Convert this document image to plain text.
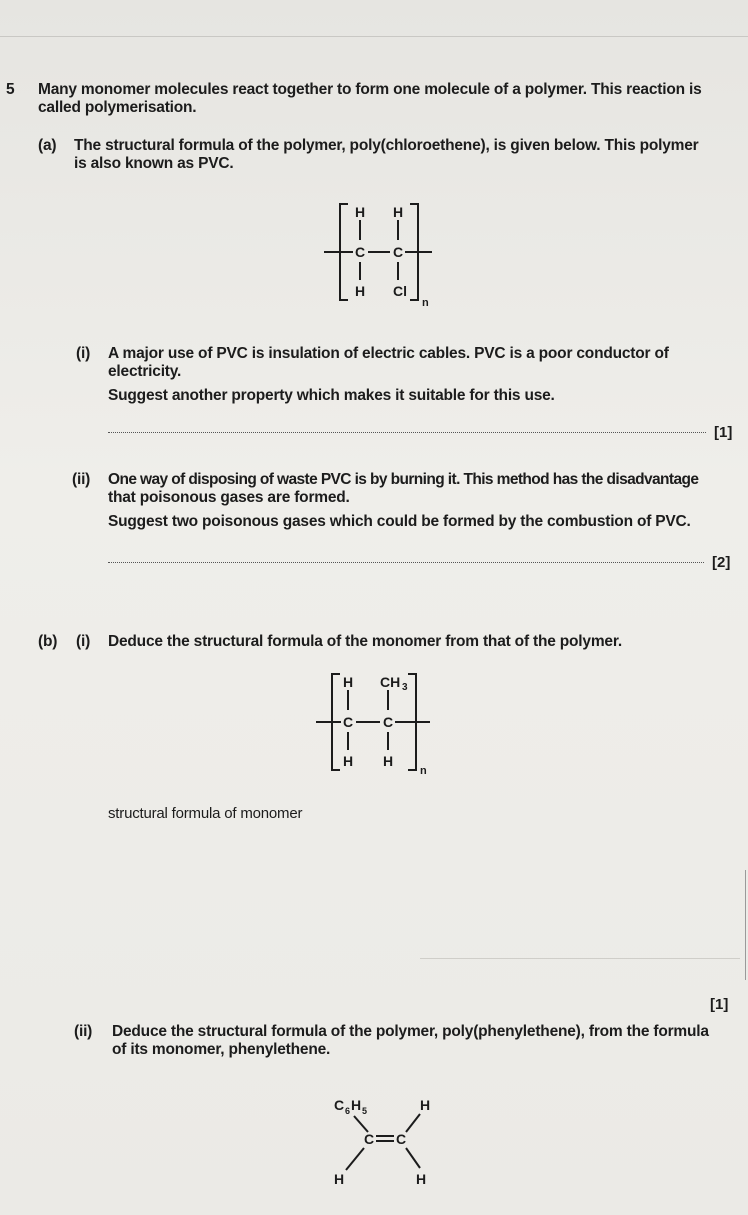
5 Many monomer molecules react together to form one molecule of a polymer. This reaction is
called polymerisation.
(a) The structural formula of the polymer, poly(chloroethene), is given below. This polymer
is also known as PVC.
H H
C C
H Cl
n
(i) A major use of PVC is insulation of electric cables. PVC is a poor conductor of
electricity.
Suggest another property which makes it suitable for this use.
[1]
(ii) One way of disposing of waste PVC is by burning it. This method has the disadvantage
that poisonous gases are formed.
Suggest two poisonous gases which could be formed by the combustion of PVC.
[2]
(b) (i) Deduce the structural formula of the monomer from that of the polymer.
H CH 3
C C
H H
n
structural formula of monomer
[1]
(ii) Deduce the structural formula of the polymer, poly(phenylethene), from the formula
of its monomer, phenylethene.
C 6 H 5	H
C C
H	H
